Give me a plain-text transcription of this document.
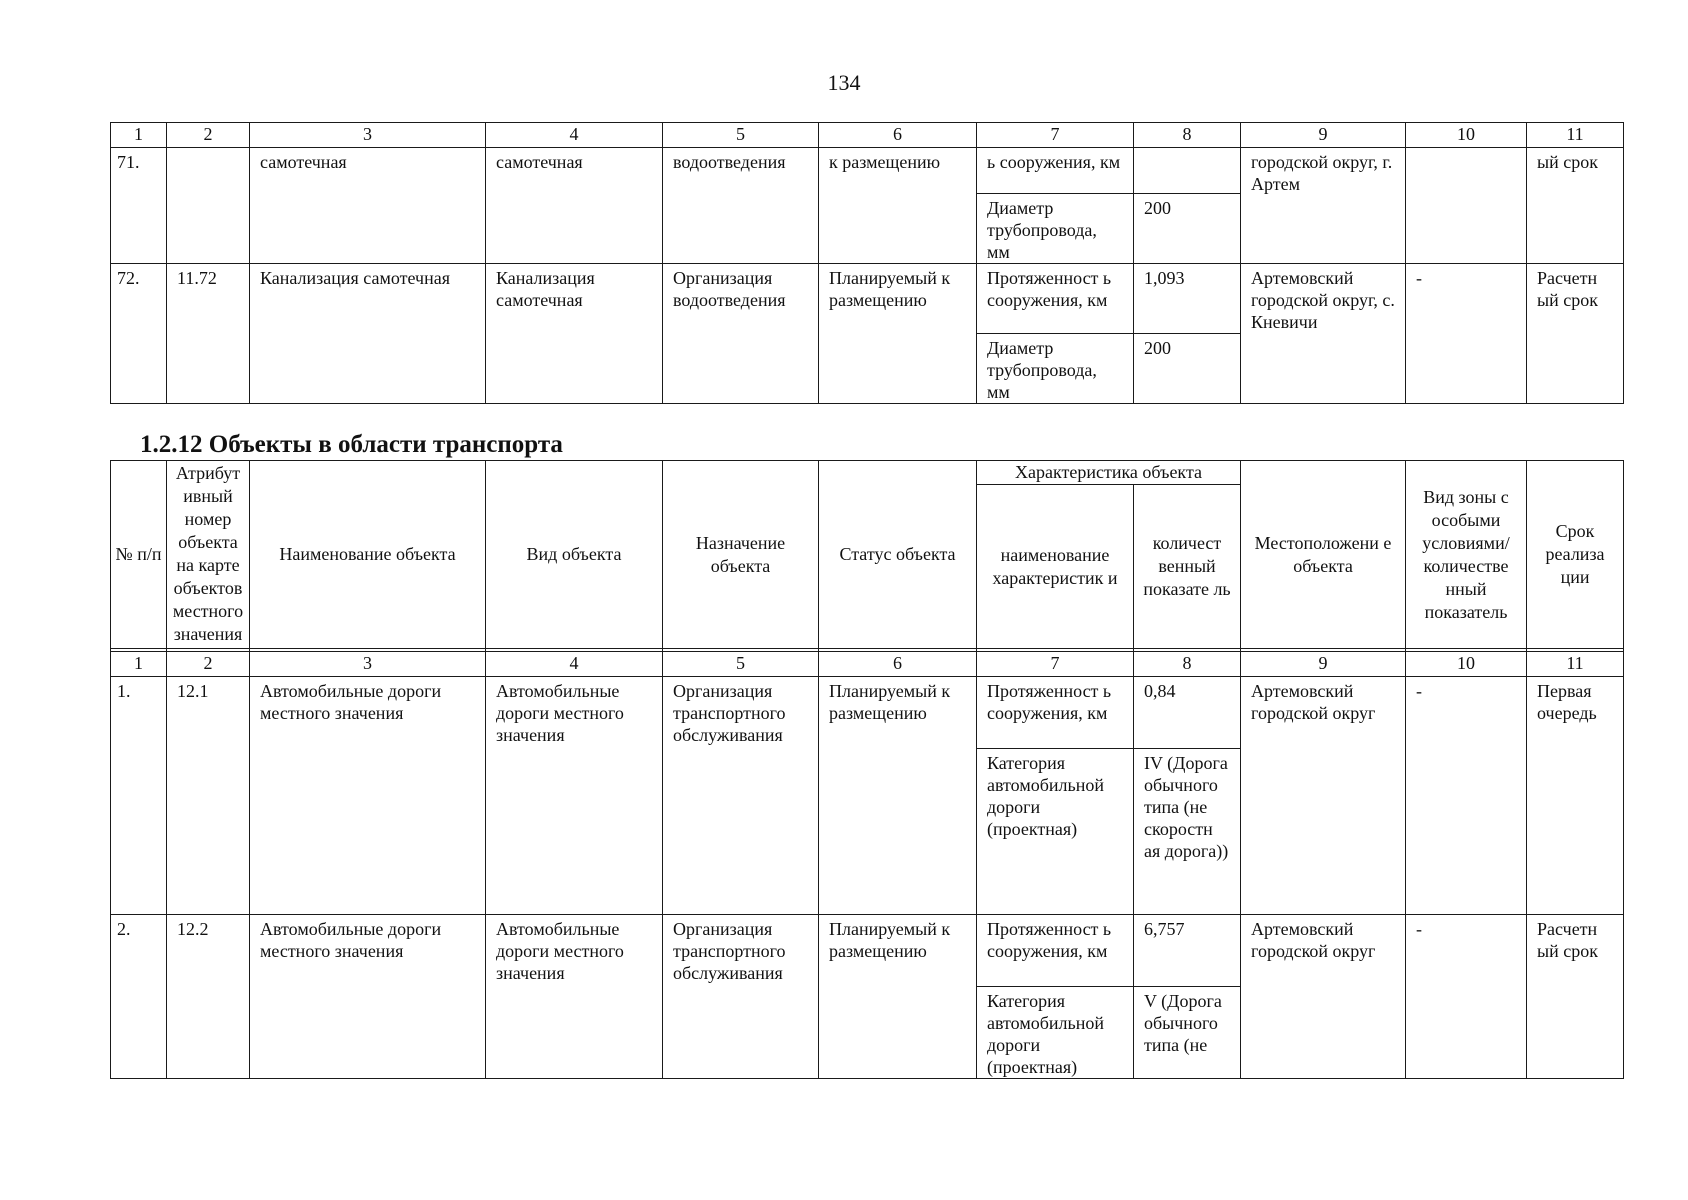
134
1	2	3	4	5	6	7	8	9	10	11
71.		самотечная	самотечная	водоотведения	к размещению	ь сооружения, км		городской округ, г. Артем		ый срок
						Диаметр трубопровода, мм	200			
72.	11.72	Канализация самотечная	Канализация самотечная	Организация водоотведения	Планируемый к размещению	Протяженност ь сооружения, км	1,093	Артемовский городской округ, с. Кневичи	-	Расчетн ый срок
						Диаметр трубопровода, мм	200			
1.2.12 Объекты в области транспорта
№ п/п	Атрибут ивный номер объекта на карте объектов местного значения	Наименование объекта	Вид объекта	Назначение объекта	Статус объекта	Характеристика объекта		Местоположени е объекта	Вид зоны с особыми условиями/ количестве нный показатель	Срок реализа ции
						наименование характеристик и	количест венный показате ль			

1	2	3	4	5	6	7	8	9	10	11
1.	12.1	Автомобильные дороги местного значения	Автомобильные дороги местного значения	Организация транспортного обслуживания	Планируемый к размещению	Протяженност ь сооружения, км	0,84	Артемовский городской округ	-	Первая очередь
						Категория автомобильной дороги (проектная)	IV (Дорога обычного типа (не скоростн ая дорога))			
2.	12.2	Автомобильные дороги местного значения	Автомобильные дороги местного значения	Организация транспортного обслуживания	Планируемый к размещению	Протяженност ь сооружения, км	6,757	Артемовский городской округ	-	Расчетн ый срок
						Категория автомобильной дороги (проектная)	V (Дорога обычного типа (не			
